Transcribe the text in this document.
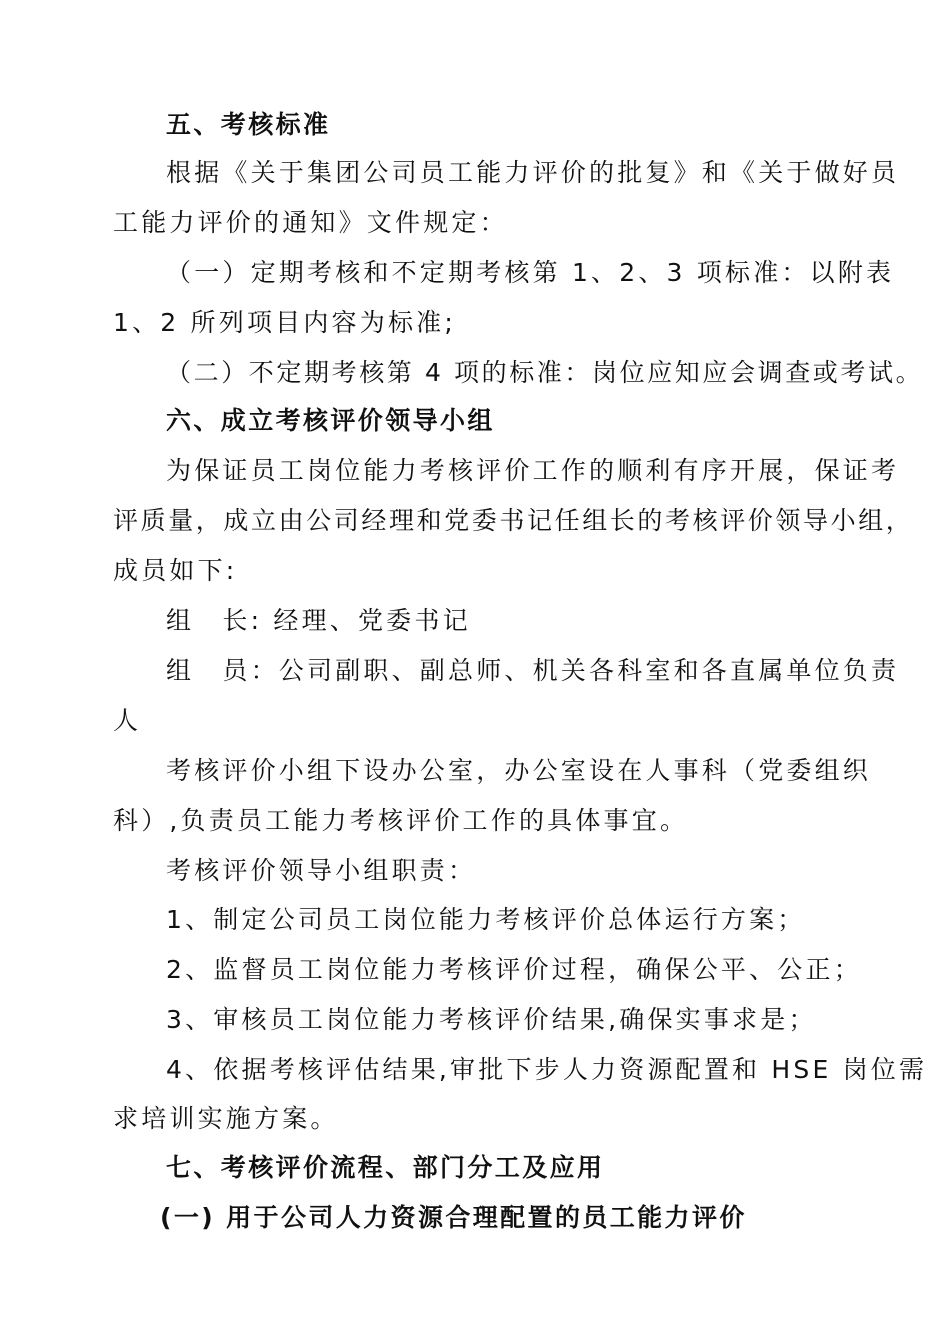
五、考核标准
根据《关于集团公司员工能力评价的批复》和《关于做好员
工能力评价的通知》文件规定：
（一）定期考核和不定期考核第 1、2、3 项标准：以附表
1、2 所列项目内容为标准;
（二）不定期考核第 4 项的标准：岗位应知应会调查或考试。
六、成立考核评价领导小组
为保证员工岗位能力考核评价工作的顺利有序开展，保证考
评质量，成立由公司经理和党委书记任组长的考核评价领导小组，
成员如下:
组　长: 经理、党委书记
组　员：公司副职、副总师、机关各科室和各直属单位负责
人
考核评价小组下设办公室，办公室设在人事科（党委组织
科）,负责员工能力考核评价工作的具体事宜。
考核评价领导小组职责：
1、制定公司员工岗位能力考核评价总体运行方案；
2、监督员工岗位能力考核评价过程，确保公平、公正；
3、审核员工岗位能力考核评价结果,确保实事求是；
4、依据考核评估结果,审批下步人力资源配置和 HSE 岗位需
求培训实施方案。
七、考核评价流程、部门分工及应用
(一) 用于公司人力资源合理配置的员工能力评价
